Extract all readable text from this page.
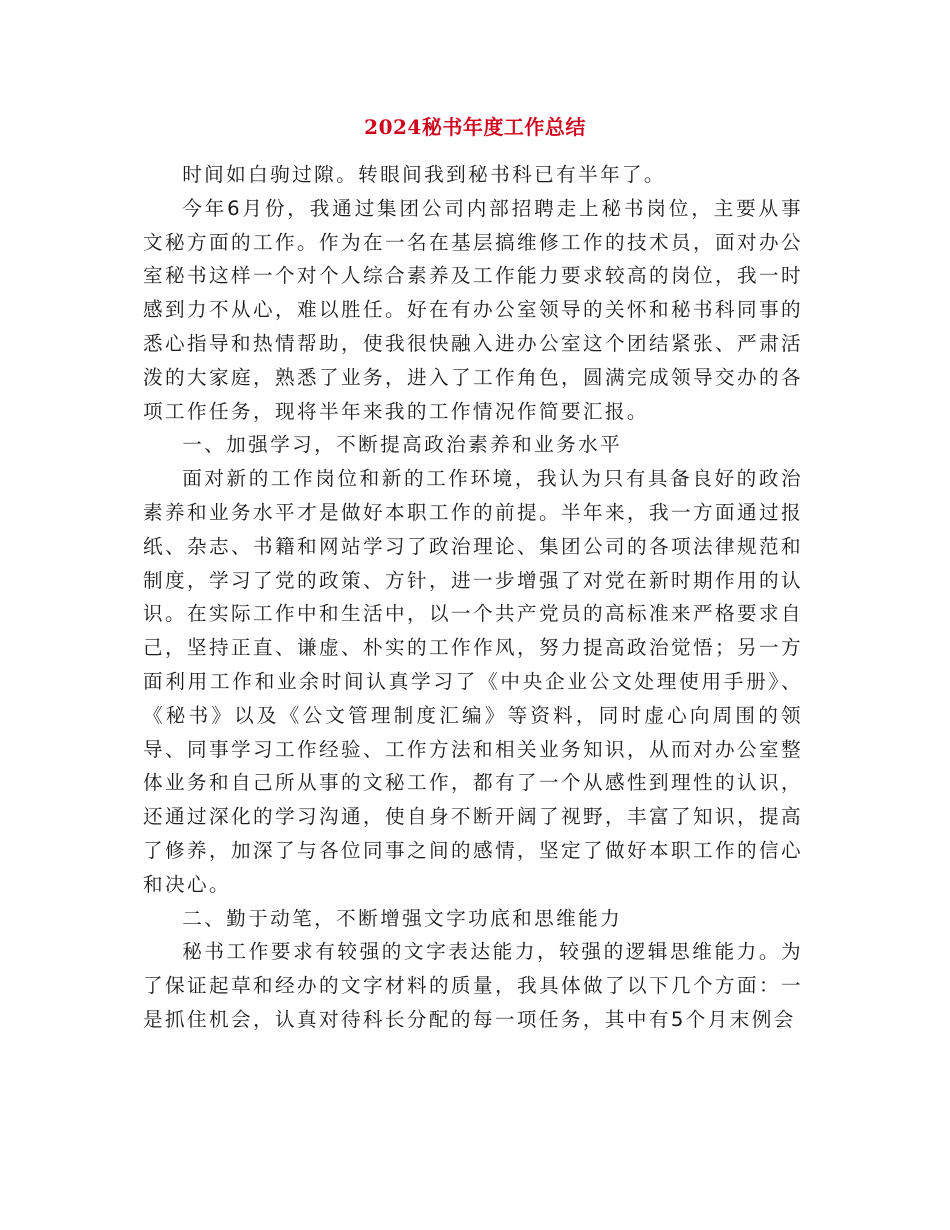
2024秘书年度工作总结

时间如白驹过隙。转眼间我到秘书科已有半年了。

今年6月份，我通过集团公司内部招聘走上秘书岗位，主要从事文秘方面的工作。作为在一名在基层搞维修工作的技术员，面对办公室秘书这样一个对个人综合素养及工作能力要求较高的岗位，我一时感到力不从心，难以胜任。好在有办公室领导的关怀和秘书科同事的悉心指导和热情帮助，使我很快融入进办公室这个团结紧张、严肃活泼的大家庭，熟悉了业务，进入了工作角色，圆满完成领导交办的各项工作任务，现将半年来我的工作情况作简要汇报。

一、加强学习，不断提高政治素养和业务水平

面对新的工作岗位和新的工作环境，我认为只有具备良好的政治素养和业务水平才是做好本职工作的前提。半年来，我一方面通过报纸、杂志、书籍和网站学习了政治理论、集团公司的各项法律规范和制度，学习了党的政策、方针，进一步增强了对党在新时期作用的认识。在实际工作中和生活中，以一个共产党员的高标准来严格要求自己，坚持正直、谦虚、朴实的工作作风，努力提高政治觉悟；另一方面利用工作和业余时间认真学习了《中央企业公文处理使用手册》、《秘书》以及《公文管理制度汇编》等资料，同时虚心向周围的领导、同事学习工作经验、工作方法和相关业务知识，从而对办公室整体业务和自己所从事的文秘工作，都有了一个从感性到理性的认识，还通过深化的学习沟通，使自身不断开阔了视野，丰富了知识，提高了修养，加深了与各位同事之间的感情，坚定了做好本职工作的信心和决心。

二、勤于动笔，不断增强文字功底和思维能力

秘书工作要求有较强的文字表达能力，较强的逻辑思维能力。为了保证起草和经办的文字材料的质量，我具体做了以下几个方面：一是抓住机会，认真对待科长分配的每一项任务，其中有5个月末例会
